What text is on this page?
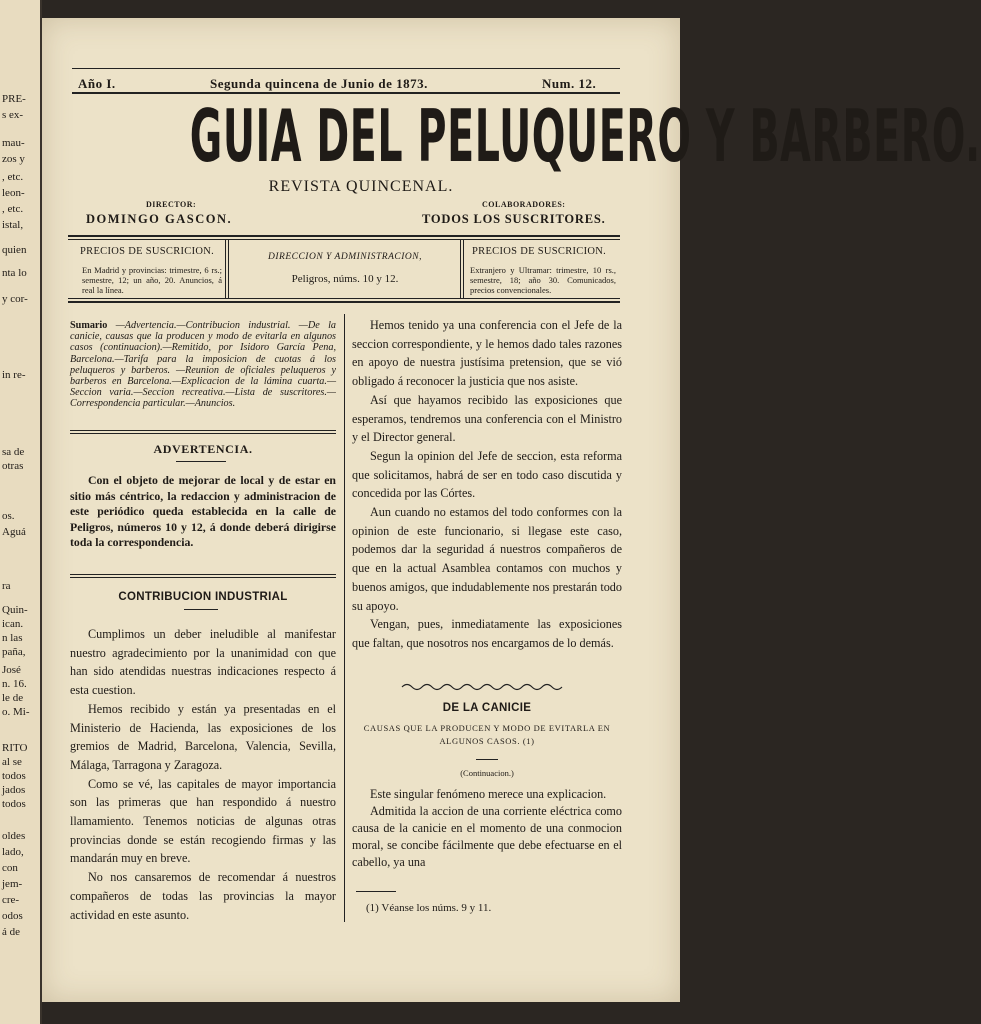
PRE-
s ex-
mau-
zos y
, etc.
leon-
, etc.
istal,
quien
nta lo
y cor-
in re-
sa de
otras
os.
Aguá
ra
Quin-
ican.
n las
paña,
José
n. 16.
le de
o. Mi-
RITO
al se
todos
jados
todos
oldes
lado,
con
jem-
cre-
odos
á de
Año I.	Segunda quincena de Junio de 1873.	Num. 12.
GUIA DEL PELUQUERO Y BARBERO.
REVISTA QUINCENAL.
DIRECTOR:
DOMINGO GASCON.
COLABORADORES:
TODOS LOS SUSCRITORES.
PRECIOS DE SUSCRICION.
En Madrid y provincias: trimestre, 6 rs.; semestre, 12; un año, 20. Anuncios, á real la línea.
DIRECCION Y ADMINISTRACION,
Peligros, núms. 10 y 12.
PRECIOS DE SUSCRICION.
Extranjero y Ultramar: trimestre, 10 rs., semestre, 18; año 30. Comunicados, precios convencionales.
Sumario —Advertencia.—Contribucion industrial. —De la canicie, causas que la producen y modo de evitarla en algunos casos (continuacion).—Remitido, por Isidoro García Pena, Barcelona.—Tarifa para la imposicion de cuotas á los peluqueros y barberos. —Reunion de oficiales peluqueros y barberos en Barcelona.—Explicacion de la lámina cuarta.—Seccion varia.—Seccion recreativa.—Lista de suscritores.—Correspondencia particular.—Anuncios.
ADVERTENCIA.
Con el objeto de mejorar de local y de estar en sitio más céntrico, la redaccion y administracion de este periódico queda establecida en la calle de Peligros, números 10 y 12, á donde deberá dirigirse toda la correspondencia.
CONTRIBUCION INDUSTRIAL

Cumplimos un deber ineludible al manifestar nuestro agradecimiento por la unanimidad con que han sido atendidas nuestras indicaciones respecto á esta cuestion.

Hemos recibido y están ya presentadas en el Ministerio de Hacienda, las exposiciones de los gremios de Madrid, Barcelona, Valencia, Sevilla, Málaga, Tarragona y Zaragoza.

Como se vé, las capitales de mayor importancia son las primeras que han respondido á nuestro llamamiento. Tenemos noticias de algunas otras provincias donde se están recogiendo firmas y las mandarán muy en breve.

No nos cansaremos de recomendar á nuestros compañeros de todas las provincias la mayor actividad en este asunto.

Hemos tenido ya una conferencia con el Jefe de la seccion correspondiente, y le hemos dado tales razones en apoyo de nuestra justísima pretension, que se vió obligado á reconocer la justicia que nos asiste.

Así que hayamos recibido las exposiciones que esperamos, tendremos una conferencia con el Ministro y el Director general.

Segun la opinion del Jefe de seccion, esta reforma que solicitamos, habrá de ser en todo caso discutida y concedida por las Córtes.

Aun cuando no estamos del todo conformes con la opinion de este funcionario, si llegase este caso, podemos dar la seguridad á nuestros compañeros de que en la actual Asamblea contamos con muchos y buenos amigos, que indudablemente nos prestarán todo su apoyo.

Vengan, pues, inmediatamente las exposiciones que faltan, que nosotros nos encargamos de lo demás.

DE LA CANICIE
CAUSAS QUE LA PRODUCEN Y MODO DE EVITARLA EN ALGUNOS CASOS. (1)
(Continuacion.)

Este singular fenómeno merece una explicacion.

Admitida la accion de una corriente eléctrica como causa de la canicie en el momento de una conmocion moral, se concibe fácilmente que debe efectuarse en el cabello, ya una

(1) Véanse los núms. 9 y 11.
